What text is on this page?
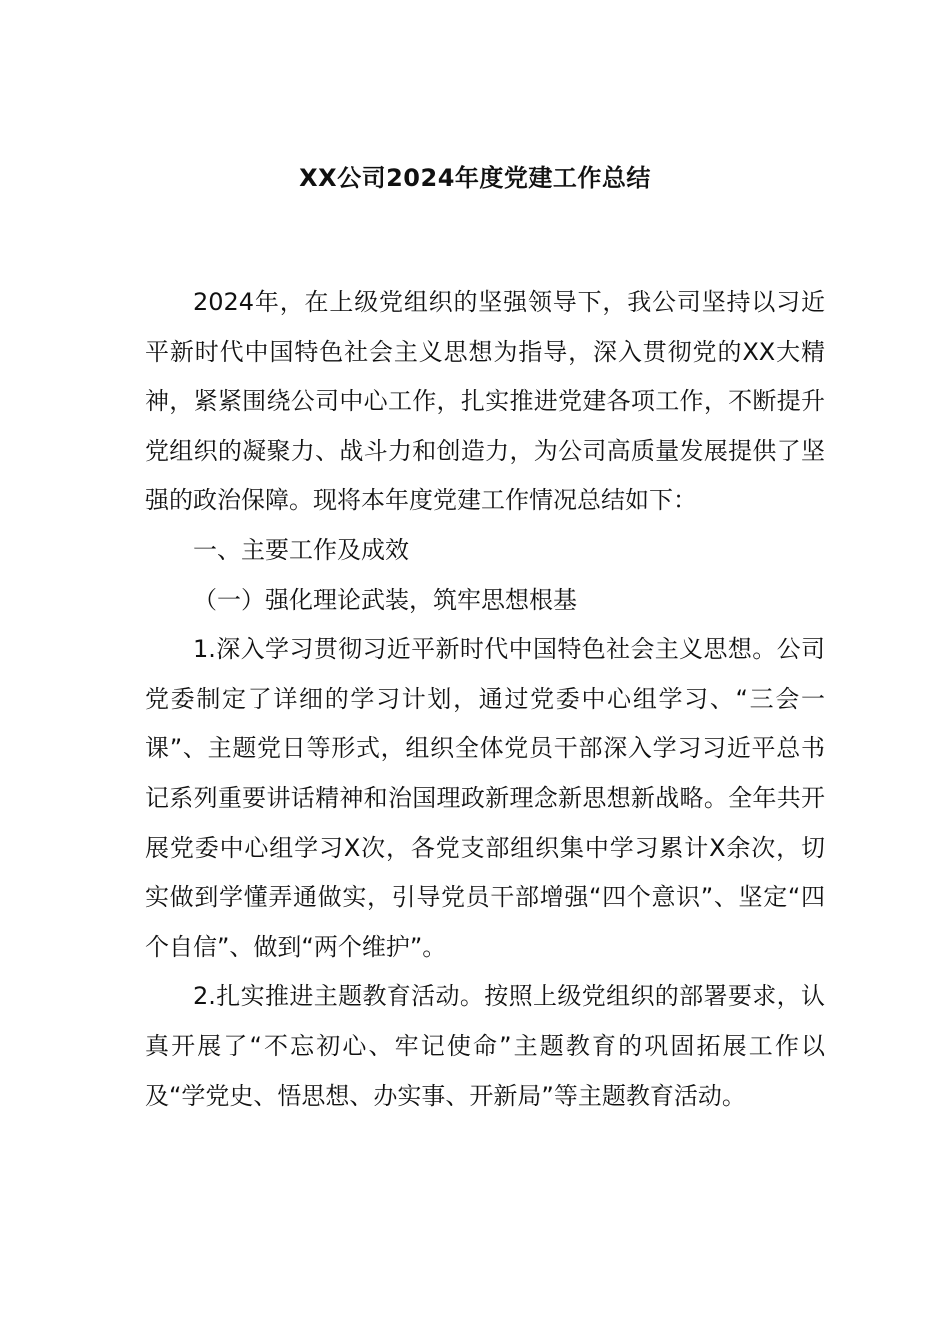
XX公司2024年度党建工作总结

2024年，在上级党组织的坚强领导下，我公司坚持以习近平新时代中国特色社会主义思想为指导，深入贯彻党的XX大精神，紧紧围绕公司中心工作，扎实推进党建各项工作，不断提升党组织的凝聚力、战斗力和创造力，为公司高质量发展提供了坚强的政治保障。现将本年度党建工作情况总结如下：

一、主要工作及成效

（一）强化理论武装，筑牢思想根基

1.深入学习贯彻习近平新时代中国特色社会主义思想。公司党委制定了详细的学习计划，通过党委中心组学习、“三会一课”、主题党日等形式，组织全体党员干部深入学习习近平总书记系列重要讲话精神和治国理政新理念新思想新战略。全年共开展党委中心组学习X次，各党支部组织集中学习累计X余次，切实做到学懂弄通做实，引导党员干部增强“四个意识”、坚定“四个自信”、做到“两个维护”。

2.扎实推进主题教育活动。按照上级党组织的部署要求，认真开展了“不忘初心、牢记使命”主题教育的巩固拓展工作以及“学党史、悟思想、办实事、开新局”等主题教育活动。
